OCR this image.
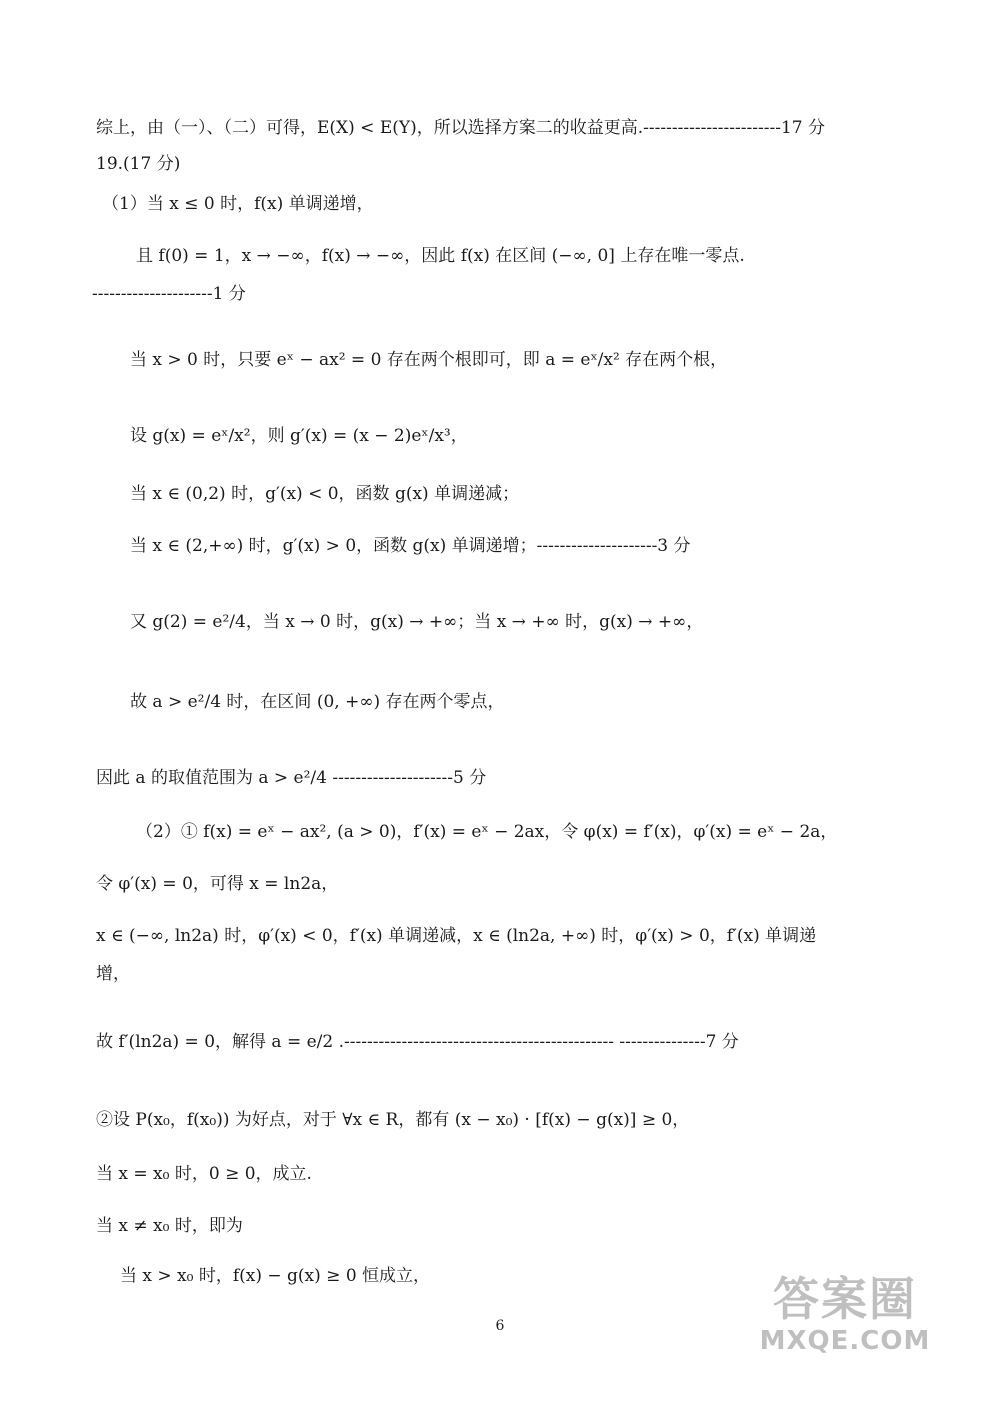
综上，由（一）、（二）可得，E(X) < E(Y)，所以选择方案二的收益更高.------------------------17 分
19.(17 分)
（1）当 x ≤ 0 时，f(x) 单调递增，
且 f(0) = 1，x → −∞，f(x) → −∞，因此 f(x) 在区间 (−∞, 0] 上存在唯一零点.
---------------------1 分
当 x > 0 时，只要 eˣ − ax² = 0 存在两个根即可，即 a = eˣ/x² 存在两个根，
设 g(x) = eˣ/x²，则 g′(x) = (x − 2)eˣ/x³，
当 x ∈ (0,2) 时，g′(x) < 0，函数 g(x) 单调递减；
当 x ∈ (2,+∞) 时，g′(x) > 0，函数 g(x) 单调递增；---------------------3 分
又 g(2) = e²/4，当 x → 0 时，g(x) → +∞；当 x → +∞ 时，g(x) → +∞，
故 a > e²/4 时，在区间 (0, +∞) 存在两个零点，
因此 a 的取值范围为 a > e²/4 ---------------------5 分
（2）① f(x) = eˣ − ax², (a > 0)，f′(x) = eˣ − 2ax，令 φ(x) = f′(x)，φ′(x) = eˣ − 2a，
令 φ′(x) = 0，可得 x = ln2a，
x ∈ (−∞, ln2a) 时，φ′(x) < 0，f′(x) 单调递减，x ∈ (ln2a, +∞) 时，φ′(x) > 0，f′(x) 单调递
增，
故 f′(ln2a) = 0，解得 a = e/2 .----------------------------------------------- ---------------7 分
②设 P(x₀，f(x₀)) 为好点，对于 ∀x ∈ R，都有 (x − x₀) · [f(x) − g(x)] ≥ 0，
当 x = x₀ 时，0 ≥ 0，成立.
当 x ≠ x₀ 时，即为
当 x > x₀ 时，f(x) − g(x) ≥ 0 恒成立，
6	答案圈
MXQE.COM
